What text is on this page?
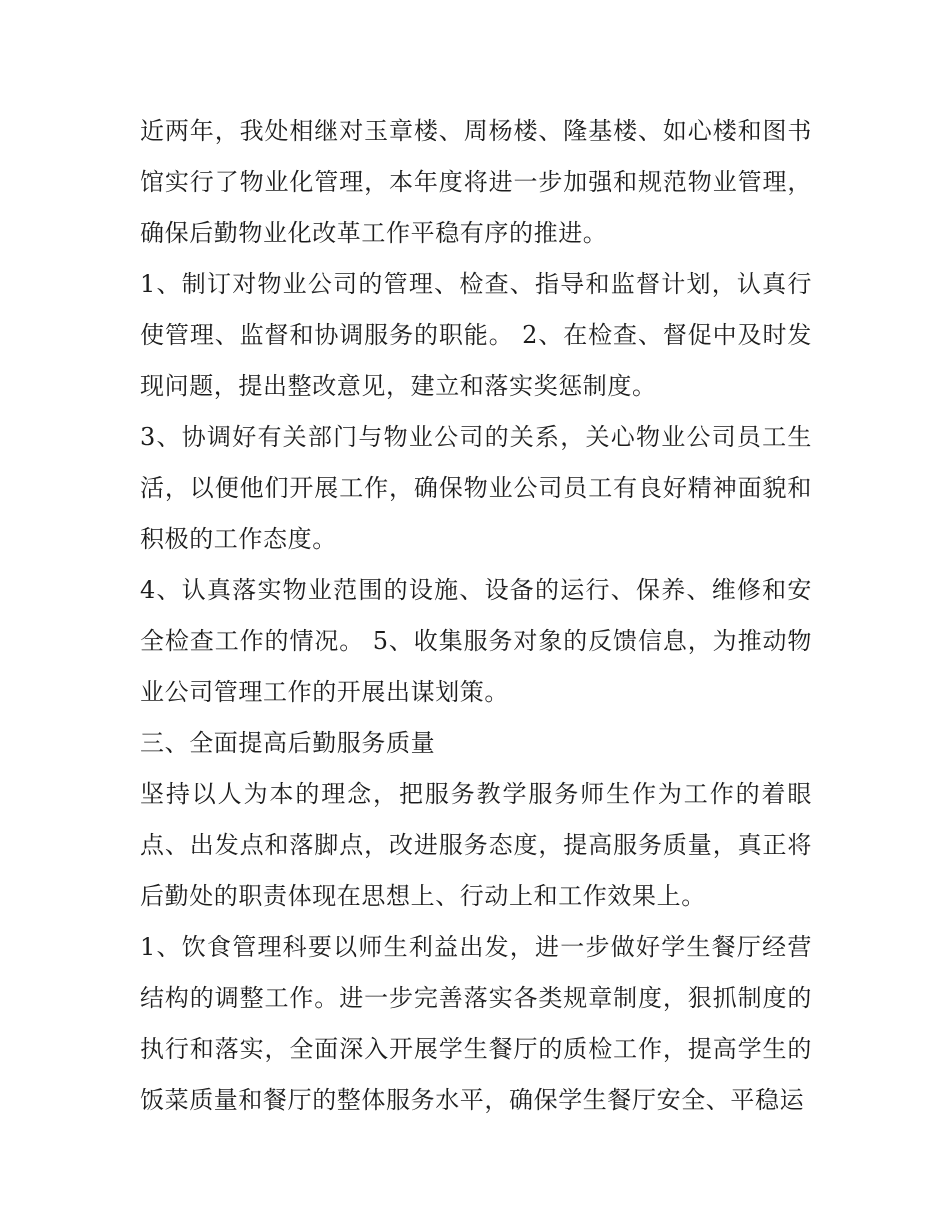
近两年，我处相继对玉章楼、周杨楼、隆基楼、如心楼和图书馆实行了物业化管理，本年度将进一步加强和规范物业管理，确保后勤物业化改革工作平稳有序的推进。

1、制订对物业公司的管理、检查、指导和监督计划，认真行使管理、监督和协调服务的职能。 2、在检查、督促中及时发现问题，提出整改意见，建立和落实奖惩制度。

3、协调好有关部门与物业公司的关系，关心物业公司员工生活，以便他们开展工作，确保物业公司员工有良好精神面貌和积极的工作态度。

4、认真落实物业范围的设施、设备的运行、保养、维修和安全检查工作的情况。 5、收集服务对象的反馈信息，为推动物业公司管理工作的开展出谋划策。

三、全面提高后勤服务质量

坚持以人为本的理念，把服务教学服务师生作为工作的着眼点、出发点和落脚点，改进服务态度，提高服务质量，真正将后勤处的职责体现在思想上、行动上和工作效果上。

1、饮食管理科要以师生利益出发，进一步做好学生餐厅经营结构的调整工作。进一步完善落实各类规章制度，狠抓制度的执行和落实，全面深入开展学生餐厅的质检工作，提高学生的饭菜质量和餐厅的整体服务水平，确保学生餐厅安全、平稳运
